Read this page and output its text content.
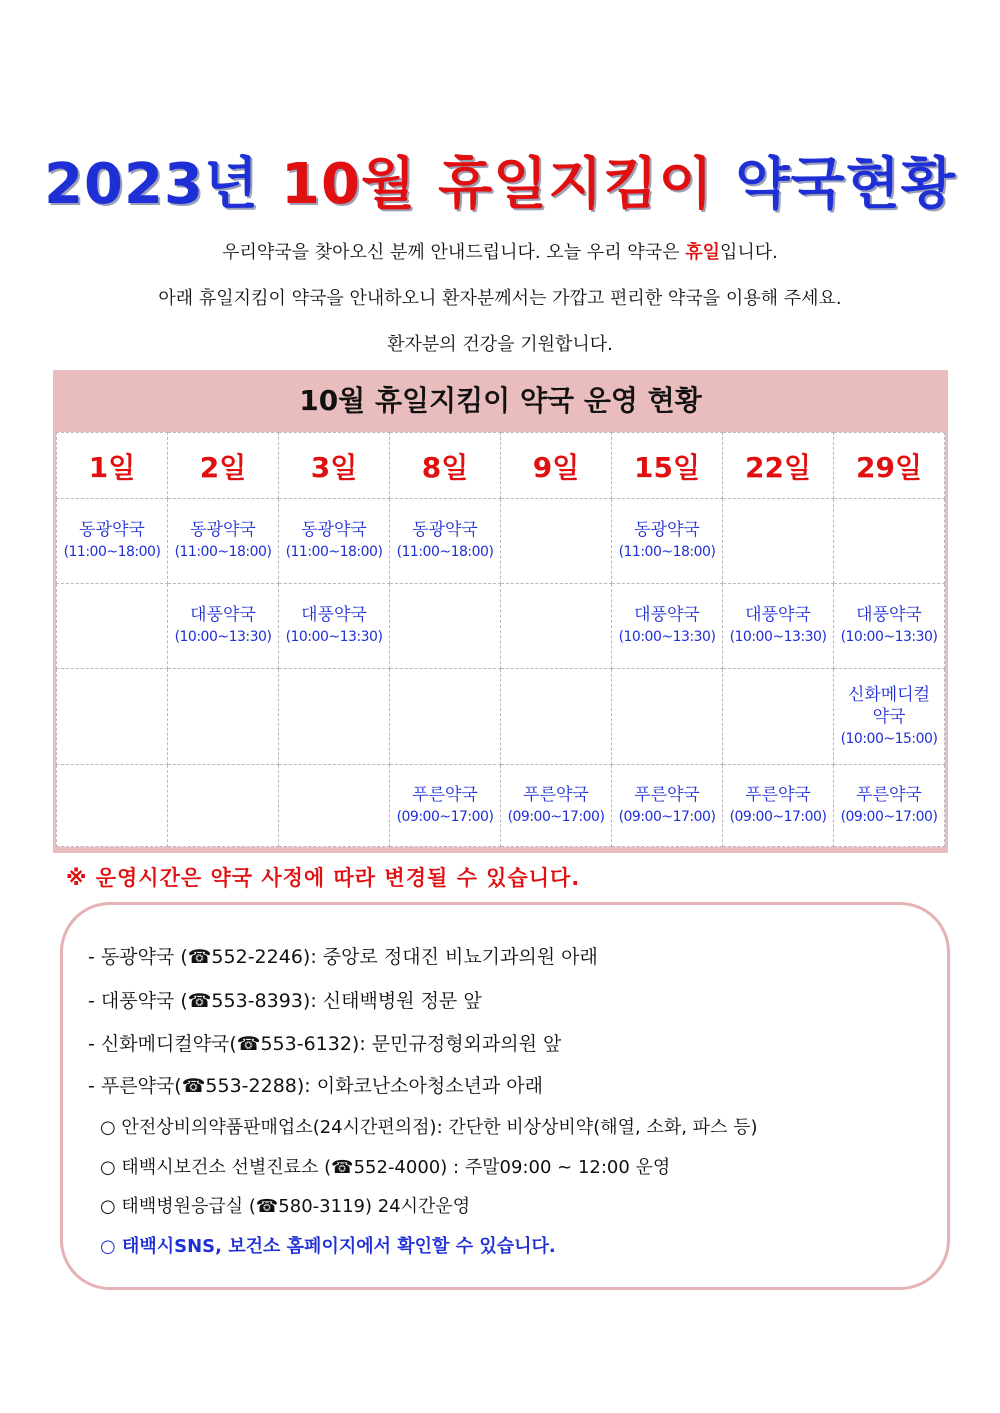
2023년 10월 휴일지킴이 약국현황
우리약국을 찾아오신 분께 안내드립니다. 오늘 우리 약국은 휴일입니다.
아래 휴일지킴이 약국을 안내하오니 환자분께서는 가깝고 편리한 약국을 이용해 주세요.
환자분의 건강을 기원합니다.
10월 휴일지킴이 약국 운영 현황
1일	2일	3일	8일	9일	15일	22일	29일

동광약국
(11:00~18:00)	동광약국
(11:00~18:00)	동광약국
(11:00~18:00)	동광약국
(11:00~18:00)		동광약국
(11:00~18:00)		

	대풍약국
(10:00~13:30)	대풍약국
(10:00~13:30)			대풍약국
(10:00~13:30)	대풍약국
(10:00~13:30)	대풍약국
(10:00~13:30)

							신화메디컬 약국
(10:00~15:00)

			푸른약국
(09:00~17:00)	푸른약국
(09:00~17:00)	푸른약국
(09:00~17:00)	푸른약국
(09:00~17:00)	푸른약국
(09:00~17:00)
※ 운영시간은 약국 사정에 따라 변경될 수 있습니다.
- 동광약국 (☎552-2246): 중앙로 정대진 비뇨기과의원 아래
- 대풍약국 (☎553-8393): 신태백병원 정문 앞
- 신화메디컬약국(☎553-6132): 문민규정형외과의원 앞
- 푸른약국(☎553-2288): 이화코난소아청소년과 아래
○ 안전상비의약품판매업소(24시간편의점): 간단한 비상상비약(해열, 소화, 파스 등)
○ 태백시보건소 선별진료소 (☎552-4000) : 주말09:00 ~ 12:00 운영
○ 태백병원응급실 (☎580-3119) 24시간운영
○ 태백시SNS, 보건소 홈페이지에서 확인할 수 있습니다.
